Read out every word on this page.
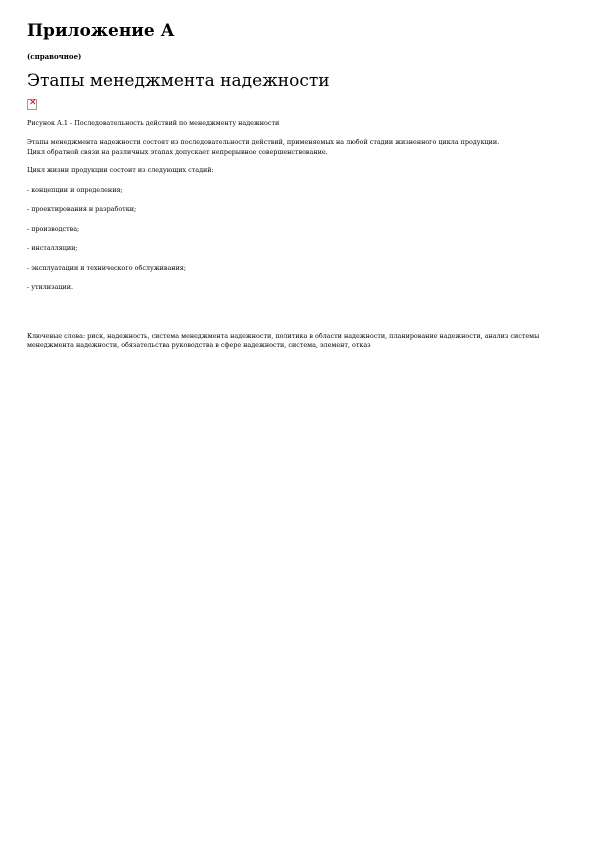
Приложение А

(справочное)

Этапы менеджмента надежности
✕

Рисунок А.1 - Последовательность действий по менеджменту надежности

Этапы менеджмента надежности состоят из последовательности действий, применяемых на любой стадии жизненного цикла продукции.

Цикл обратной связи на различных этапах допускает непрерывное совершенствование.

Цикл жизни продукции состоит из следующих стадий:

- концепции и определения;

- проектирования и разработки;

- производства;

- инсталляции;

- эксплуатации и технического обслуживания;

- утилизации.

Ключевые слова: риск, надежность, система менеджмента надежности, политика в области надежности, планирование надежности, анализ системы менеджмента надежности, обязательства руководства в сфере надежности, система, элемент, отказ
